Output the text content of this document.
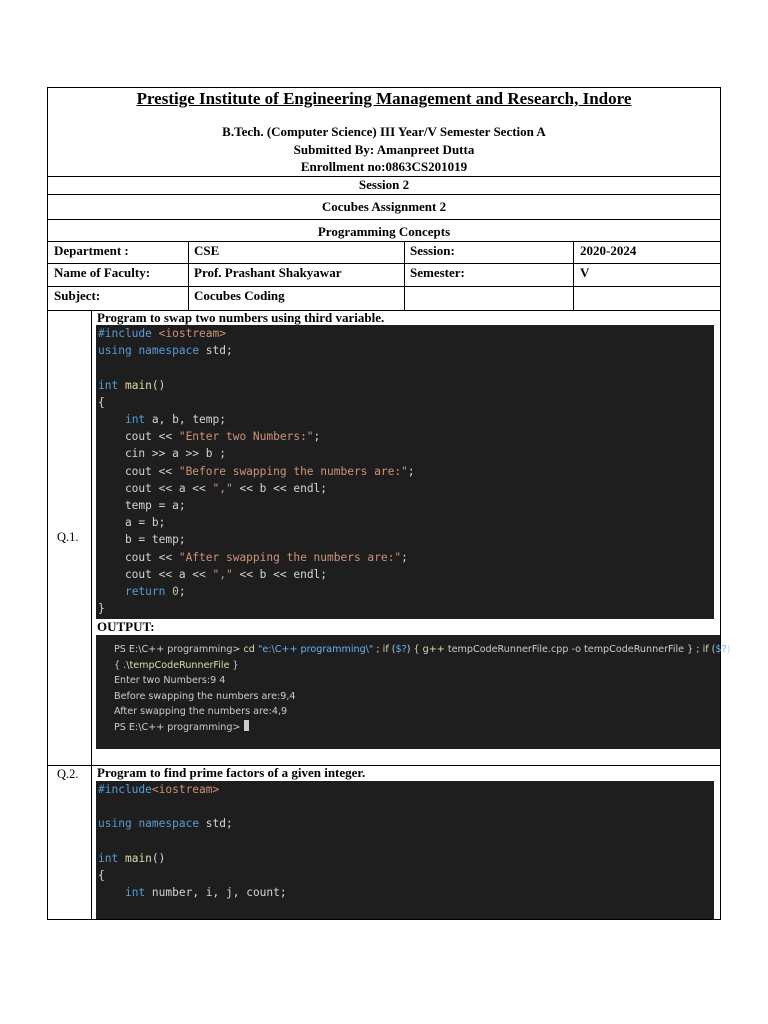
Prestige Institute of Engineering Management and Research, Indore
B.Tech. (Computer Science) III Year/V Semester Section A
Submitted By: Amanpreet Dutta
Enrollment no:0863CS201019
Session 2
Cocubes Assignment 2
Programming Concepts
Department :	CSE	Session:	2020-2024
Name of Faculty:	Prof. Prashant Shakyawar	Semester:	V
Subject:	Cocubes Coding
Q.1.
Program to swap two numbers using third variable.
#include <iostream>
using namespace std;

int main()
{
int a, b, temp;
cout << "Enter two Numbers:";
cin >> a >> b ;
cout << "Before swapping the numbers are:";
cout << a << "," << b << endl;
temp = a;
a = b;
b = temp;
cout << "After swapping the numbers are:";
cout << a << "," << b << endl;
return 0;
}
OUTPUT:
PS E:\C++ programming> cd "e:\C++ programming\" ; if ($?) { g++ tempCodeRunnerFile.cpp -o tempCodeRunnerFile } ; if ($?)
{ .\tempCodeRunnerFile }
Enter two Numbers:9 4
Before swapping the numbers are:9,4
After swapping the numbers are:4,9
PS E:\C++ programming>
Q.2. Program to find prime factors of a given integer.
#include<iostream>

using namespace std;

int main()
{
int number, i, j, count;
